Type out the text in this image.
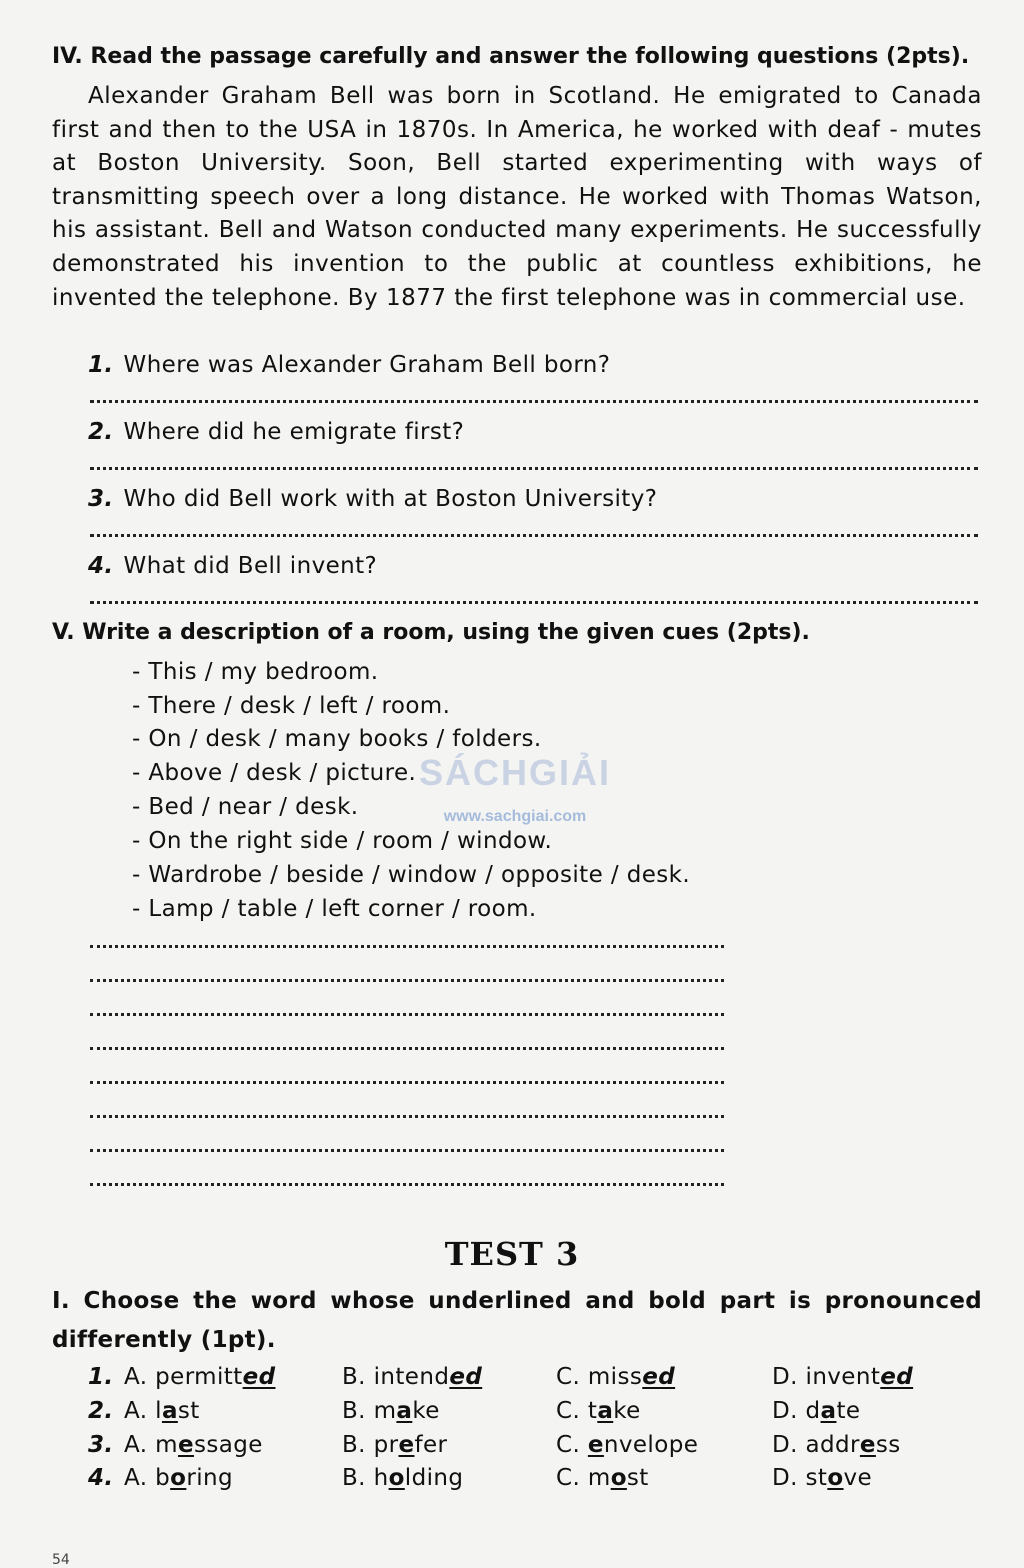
IV. Read the passage carefully and answer the following questions (2pts).
Alexander Graham Bell was born in Scotland. He emigrated to Canada first and then to the USA in 1870s. In America, he worked with deaf - mutes at Boston University. Soon, Bell started experimenting with ways of transmitting speech over a long distance. He worked with Thomas Watson, his assistant. Bell and Watson conducted many experiments. He successfully demonstrated his invention to the public at countless exhibitions, he invented the telephone. By 1877 the first telephone was in commercial use.
1. Where was Alexander Graham Bell born?
2. Where did he emigrate first?
3. Who did Bell work with at Boston University?
4. What did Bell invent?
V. Write a description of a room, using the given cues (2pts).
- This / my bedroom.
- There / desk / left / room.
- On / desk / many books / folders.
- Above / desk / picture.
- Bed / near / desk.
- On the right side / room / window.
- Wardrobe / beside / window / opposite / desk.
- Lamp / table / left corner / room.
SÁCHGIẢI
www.sachgiai.com
TEST 3
I. Choose the word whose underlined and bold part is pronounced
differently (1pt).
1. A. permitted	B. intended	C. missed	D. invented
2. A. last	B. make	C. take	D. date
3. A. message	B. prefer	C. envelope	D. address
4. A. boring	B. holding	C. most	D. stove
54
